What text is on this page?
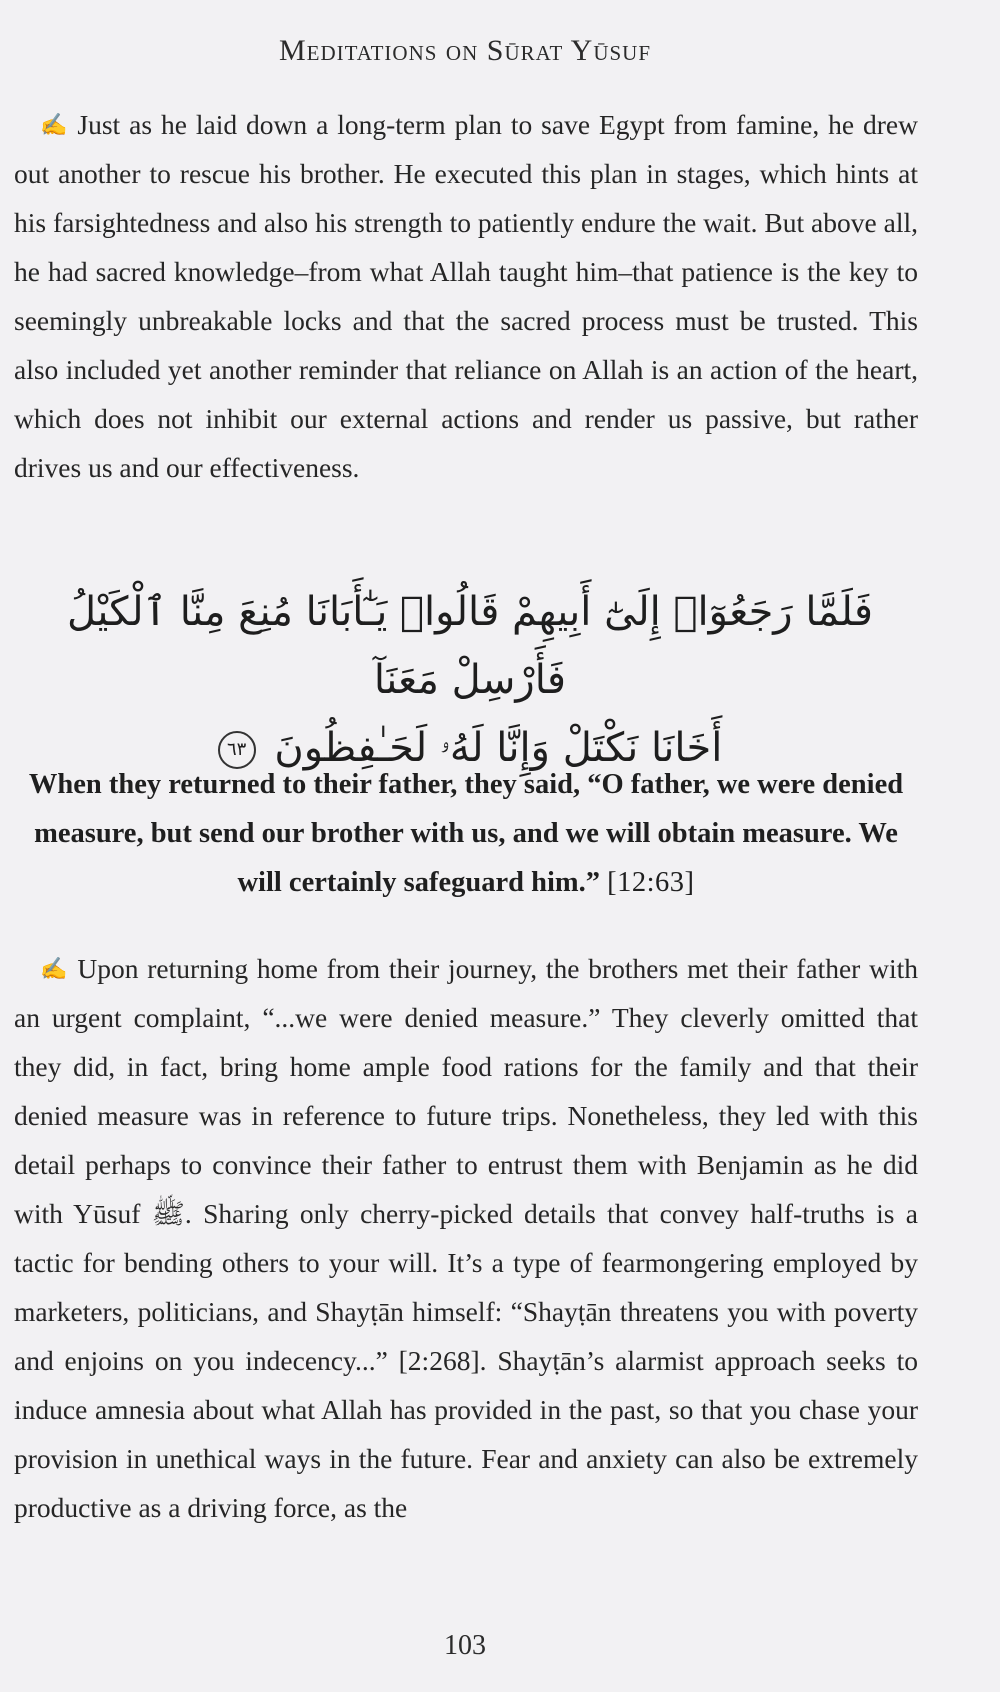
Meditations on Sūrat Yūsuf
✍ Just as he laid down a long-term plan to save Egypt from famine, he drew out another to rescue his brother. He executed this plan in stages, which hints at his farsightedness and also his strength to patiently endure the wait. But above all, he had sacred knowledge–from what Allah taught him–that patience is the key to seemingly unbreakable locks and that the sacred process must be trusted. This also included yet another reminder that reliance on Allah is an action of the heart, which does not inhibit our external actions and render us passive, but rather drives us and our effectiveness.
فَلَمَّا رَجَعُوٓا۟ إِلَىٰٓ أَبِيهِمْ قَالُوا۟ يَـٰٓأَبَانَا مُنِعَ مِنَّا ٱلْكَيْلُ فَأَرْسِلْ مَعَنَآ
أَخَانَا نَكْتَلْ وَإِنَّا لَهُۥ لَحَـٰفِظُونَ ٦٣
When they returned to their father, they said, “O father, we were denied measure, but send our brother with us, and we will obtain measure. We will certainly safeguard him.” [12:63]
✍ Upon returning home from their journey, the brothers met their father with an urgent complaint, “...we were denied measure.” They cleverly omitted that they did, in fact, bring home ample food rations for the family and that their denied measure was in reference to future trips. Nonetheless, they led with this detail perhaps to convince their father to entrust them with Benjamin as he did with Yūsuf ﷺ. Sharing only cherry-picked details that convey half-truths is a tactic for bending others to your will. It’s a type of fearmongering employed by marketers, politicians, and Shayṭān himself: “Shayṭān threatens you with poverty and enjoins on you indecency...” [2:268]. Shayṭān’s alarmist approach seeks to induce amnesia about what Allah has provided in the past, so that you chase your provision in unethical ways in the future. Fear and anxiety can also be extremely productive as a driving force, as the
103
